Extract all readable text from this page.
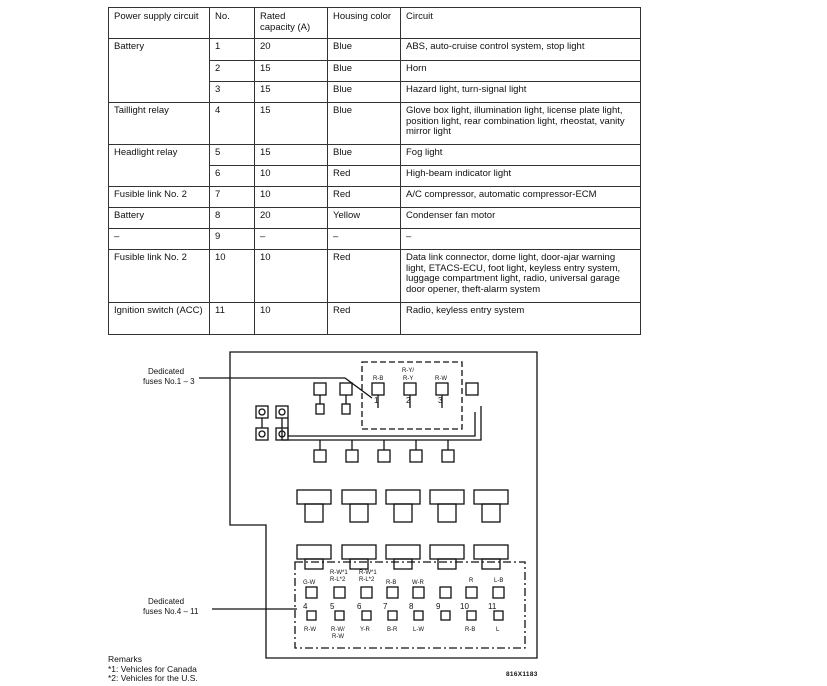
Power supply circuit	No.	Rated capacity (A)	Housing color	Circuit
Battery	1	20	Blue	ABS, auto-cruise control system, stop light
	2	15	Blue	Horn
	3	15	Blue	Hazard light, turn-signal light
Taillight relay	4	15	Blue	Glove box light, illumination light, license plate light, position light, rear combination light, rheostat, vanity mirror light
Headlight relay	5	15	Blue	Fog light
	6	10	Red	High-beam indicator light
Fusible link No. 2	7	10	Red	A/C compressor, automatic compressor-ECM
Battery	8	20	Yellow	Condenser fan motor
–	9	–	–	–
Fusible link No. 2	10	10	Red	Data link connector, dome light, door-ajar warning light, ETACS-ECU, foot light, keyless entry system, luggage compartment light, radio, universal garage door opener, theft-alarm system
Ignition switch (ACC)	11	10	Red	Radio, keyless entry system
Dedicated
fuses No.1 – 3
Dedicated
fuses No.4 – 11
R-B
R-Y/
R-Y	R-W
1	2	3
G-W
R-W*1
R-L*2
R-W*1
R-L*2 R-B	W-R	R	L-B
4	5	6	7	8	9 10 11
R-W	R-W/
R-W
Y-R	B-R	L-W	R-B	L
Remarks
*1: Vehicles for Canada
*2: Vehicles for the U.S.	816X1183
